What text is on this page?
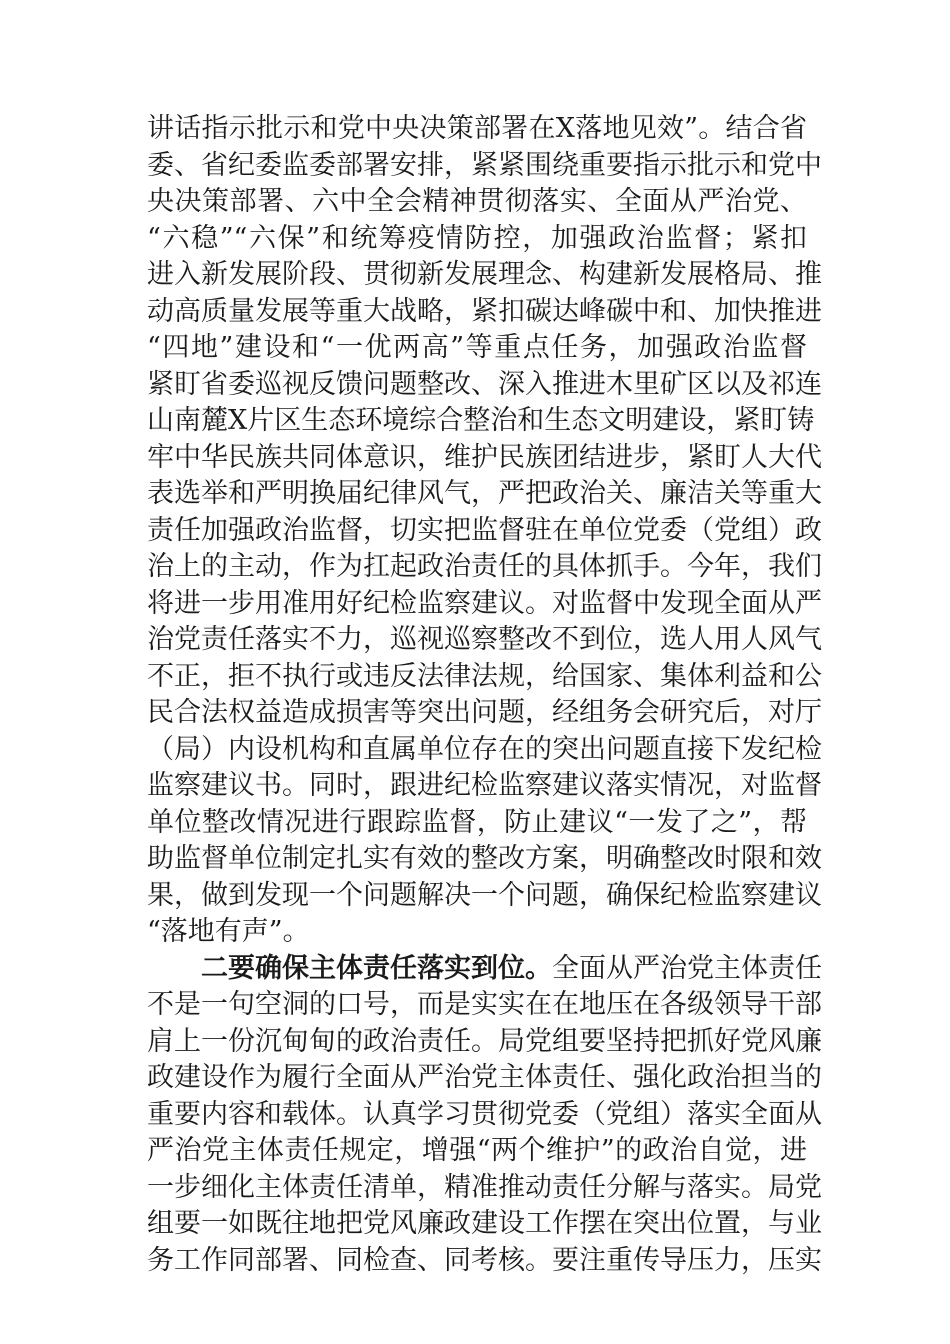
讲话指示批示和党中央决策部署在X落地见效”。结合省
委、省纪委监委部署安排，紧紧围绕重要指示批示和党中
央决策部署、六中全会精神贯彻落实、全面从严治党、
“六稳”“六保”和统筹疫情防控，加强政治监督；紧扣
进入新发展阶段、贯彻新发展理念、构建新发展格局、推
动高质量发展等重大战略，紧扣碳达峰碳中和、加快推进
“四地”建设和“一优两高”等重点任务，加强政治监督
紧盯省委巡视反馈问题整改、深入推进木里矿区以及祁连
山南麓X片区生态环境综合整治和生态文明建设，紧盯铸
牢中华民族共同体意识，维护民族团结进步，紧盯人大代
表选举和严明换届纪律风气，严把政治关、廉洁关等重大
责任加强政治监督，切实把监督驻在单位党委（党组）政
治上的主动，作为扛起政治责任的具体抓手。今年，我们
将进一步用准用好纪检监察建议。对监督中发现全面从严
治党责任落实不力，巡视巡察整改不到位，选人用人风气
不正，拒不执行或违反法律法规，给国家、集体利益和公
民合法权益造成损害等突出问题，经组务会研究后，对厅
（局）内设机构和直属单位存在的突出问题直接下发纪检
监察建议书。同时，跟进纪检监察建议落实情况，对监督
单位整改情况进行跟踪监督，防止建议“一发了之”，帮
助监督单位制定扎实有效的整改方案，明确整改时限和效
果，做到发现一个问题解决一个问题，确保纪检监察建议
“落地有声”。
二要确保主体责任落实到位。全面从严治党主体责任
不是一句空洞的口号，而是实实在在地压在各级领导干部
肩上一份沉甸甸的政治责任。局党组要坚持把抓好党风廉
政建设作为履行全面从严治党主体责任、强化政治担当的
重要内容和载体。认真学习贯彻党委（党组）落实全面从
严治党主体责任规定，增强“两个维护”的政治自觉，进
一步细化主体责任清单，精准推动责任分解与落实。局党
组要一如既往地把党风廉政建设工作摆在突出位置，与业
务工作同部署、同检查、同考核。要注重传导压力，压实
